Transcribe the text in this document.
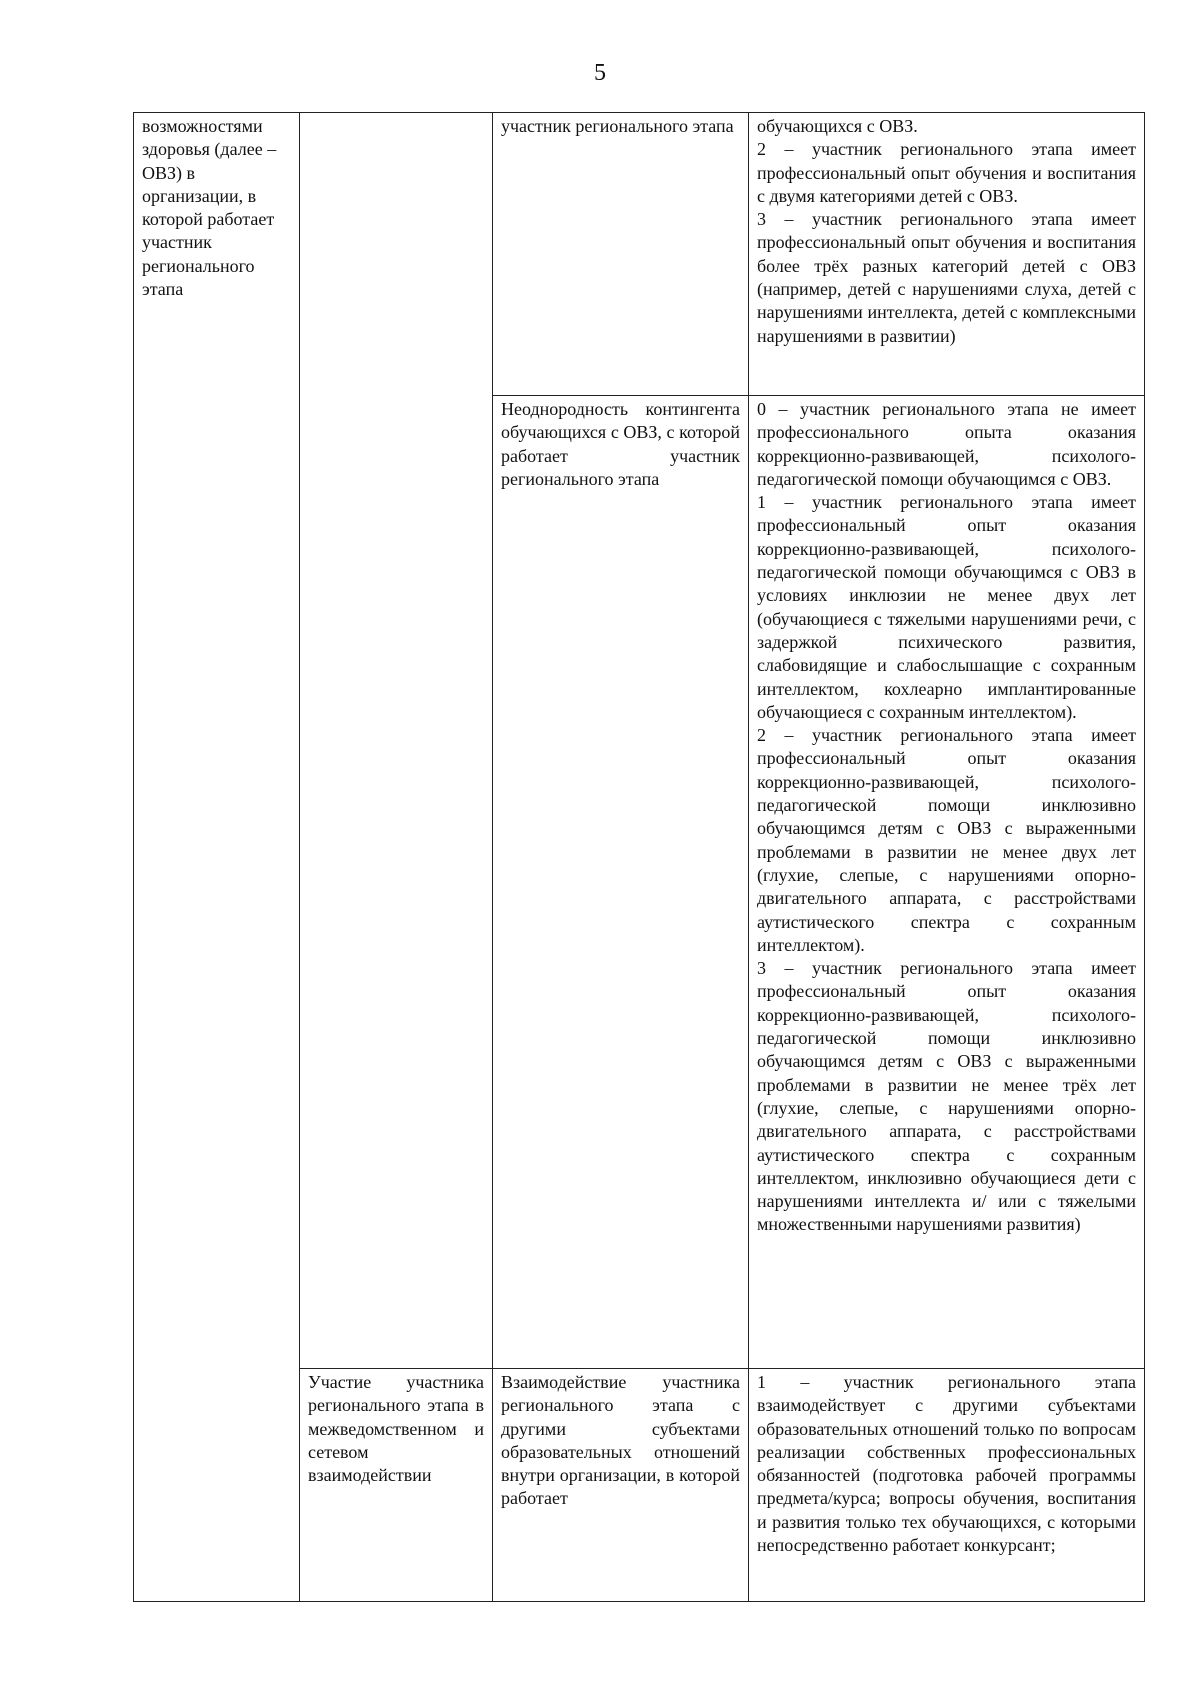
5
возможностями здоровья (далее – ОВЗ) в организации, в которой работает участник регионального этапа		участник регионального этапа	обучающихся с ОВЗ.
2 – участник регионального этапа имеет профессиональный опыт обучения и воспитания с двумя категориями детей с ОВЗ.
3 – участник регионального этапа имеет профессиональный опыт обучения и воспитания более трёх разных категорий детей с ОВЗ (например, детей с нарушениями слуха, детей с нарушениями интеллекта, детей с комплексными нарушениями в развитии)
		Неоднородность контингента обучающихся с ОВЗ, с которой работает участник регионального этапа	0 – участник регионального этапа не имеет профессионального опыта оказания коррекционно-развивающей, психолого-педагогической помощи обучающимся с ОВЗ.
1 – участник регионального этапа имеет профессиональный опыт оказания коррекционно-развивающей, психолого-педагогической помощи обучающимся с ОВЗ в условиях инклюзии не менее двух лет (обучающиеся с тяжелыми нарушениями речи, с задержкой психического развития, слабовидящие и слабослышащие с сохранным интеллектом, кохлеарно имплантированные обучающиеся с сохранным интеллектом).
2 – участник регионального этапа имеет профессиональный опыт оказания коррекционно-развивающей, психолого-педагогической помощи инклюзивно обучающимся детям с ОВЗ с выраженными проблемами в развитии не менее двух лет (глухие, слепые, с нарушениями опорно-двигательного аппарата, с расстройствами аутистического спектра с сохранным интеллектом).
3 – участник регионального этапа имеет профессиональный опыт оказания коррекционно-развивающей, психолого-педагогической помощи инклюзивно обучающимся детям с ОВЗ с выраженными проблемами в развитии не менее трёх лет (глухие, слепые, с нарушениями опорно-двигательного аппарата, с расстройствами аутистического спектра с сохранным интеллектом, инклюзивно обучающиеся дети с нарушениями интеллекта и/ или с тяжелыми множественными нарушениями развития)
	Участие участника регионального этапа в межведомственном и сетевом взаимодействии	Взаимодействие участника регионального этапа с другими субъектами образовательных отношений внутри организации, в которой работает	1 – участник регионального этапа взаимодействует с другими субъектами образовательных отношений только по вопросам реализации собственных профессиональных обязанностей (подготовка рабочей программы предмета/курса; вопросы обучения, воспитания и развития только тех обучающихся, с которыми непосредственно работает конкурсант;
